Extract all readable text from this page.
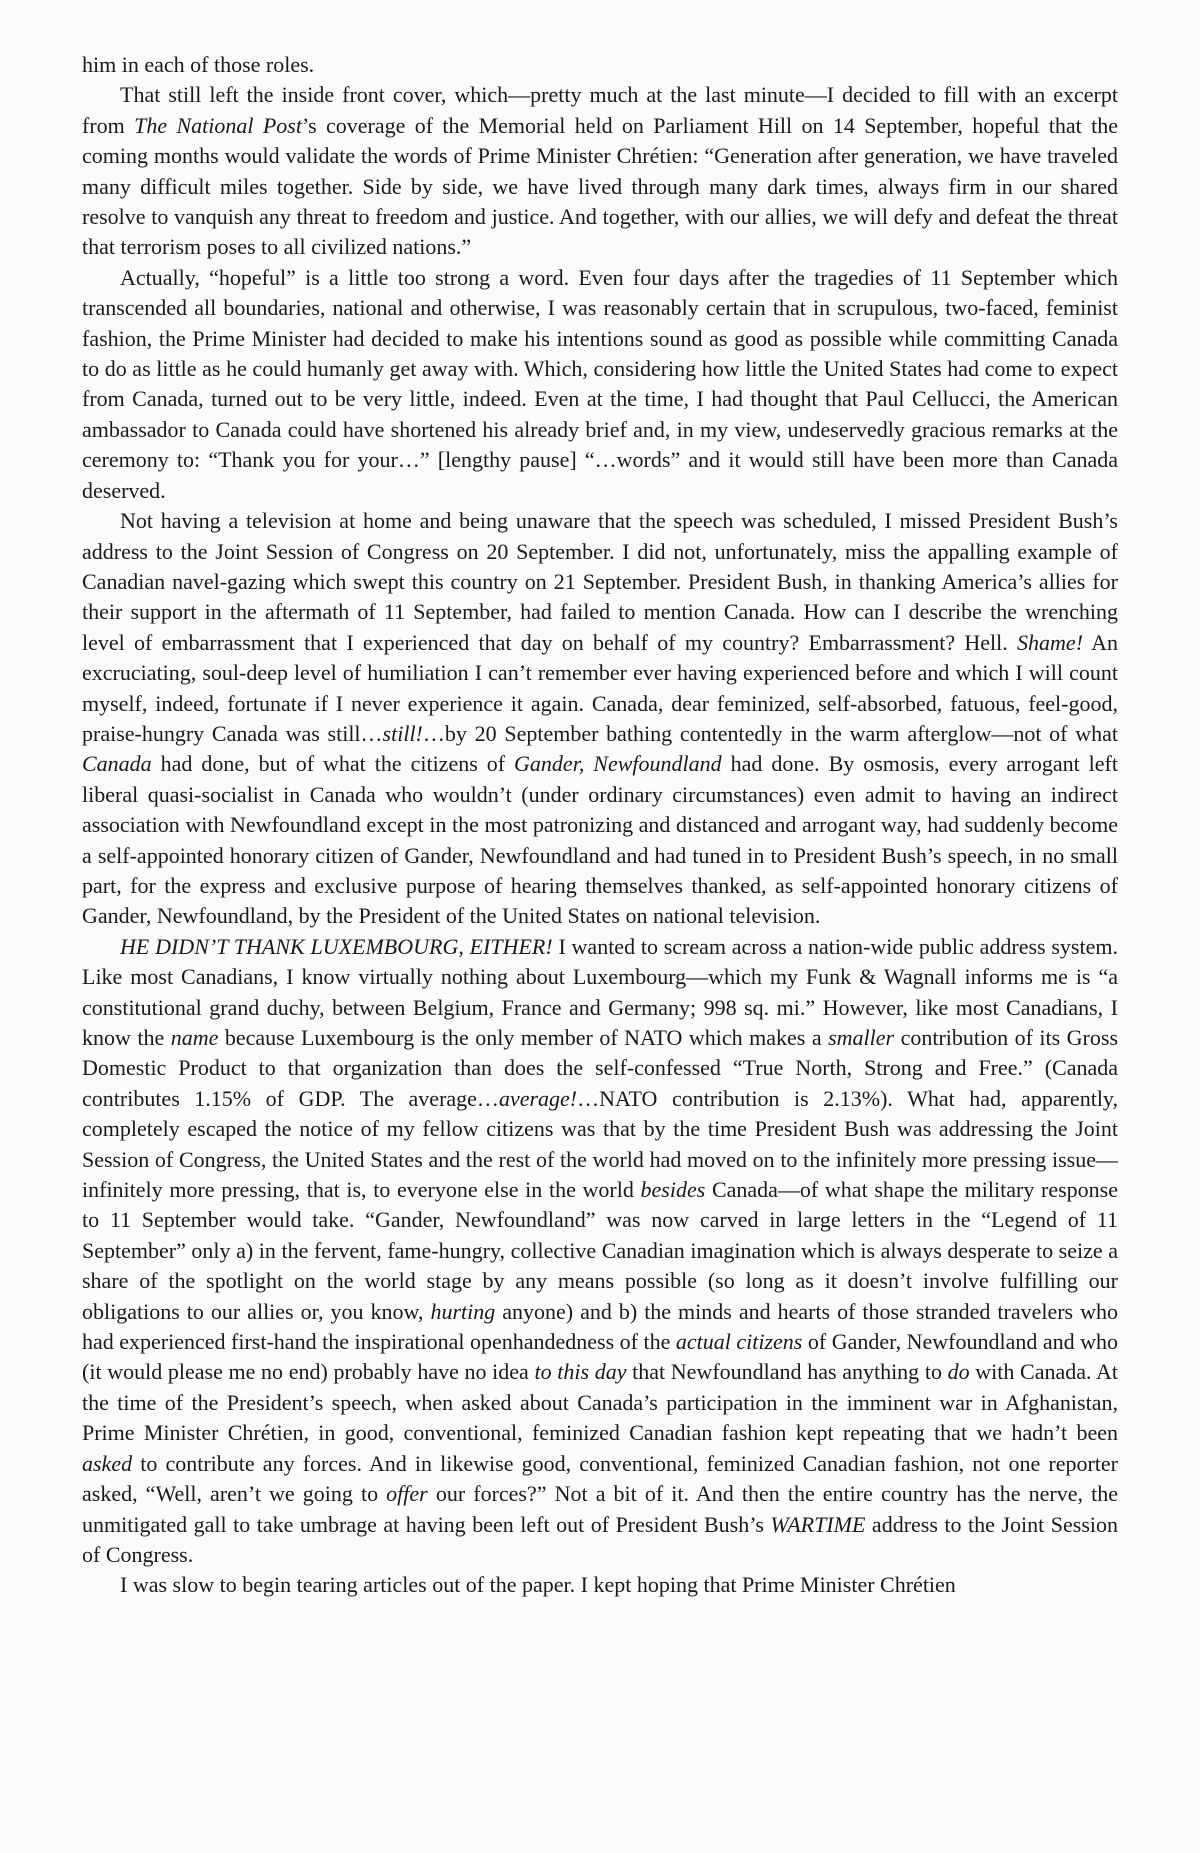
him in each of those roles.

That still left the inside front cover, which—pretty much at the last minute—I decided to fill with an excerpt from The National Post’s coverage of the Memorial held on Parliament Hill on 14 September, hopeful that the coming months would validate the words of Prime Minister Chrétien: “Generation after generation, we have traveled many difficult miles together. Side by side, we have lived through many dark times, always firm in our shared resolve to vanquish any threat to freedom and justice. And together, with our allies, we will defy and defeat the threat that terrorism poses to all civilized nations.”

Actually, “hopeful” is a little too strong a word. Even four days after the tragedies of 11 September which transcended all boundaries, national and otherwise, I was reasonably certain that in scrupulous, two-faced, feminist fashion, the Prime Minister had decided to make his intentions sound as good as possible while committing Canada to do as little as he could humanly get away with. Which, considering how little the United States had come to expect from Canada, turned out to be very little, indeed. Even at the time, I had thought that Paul Cellucci, the American ambassador to Canada could have shortened his already brief and, in my view, undeservedly gracious remarks at the ceremony to: “Thank you for your…” [lengthy pause] “…words” and it would still have been more than Canada deserved.

Not having a television at home and being unaware that the speech was scheduled, I missed President Bush’s address to the Joint Session of Congress on 20 September. I did not, unfortunately, miss the appalling example of Canadian navel-gazing which swept this country on 21 September. President Bush, in thanking America’s allies for their support in the aftermath of 11 September, had failed to mention Canada. How can I describe the wrenching level of embarrassment that I experienced that day on behalf of my country? Embarrassment? Hell. Shame! An excruciating, soul-deep level of humiliation I can’t remember ever having experienced before and which I will count myself, indeed, fortunate if I never experience it again. Canada, dear feminized, self-absorbed, fatuous, feel-good, praise-hungry Canada was still…still!…by 20 September bathing contentedly in the warm afterglow—not of what Canada had done, but of what the citizens of Gander, Newfoundland had done. By osmosis, every arrogant left liberal quasi-socialist in Canada who wouldn’t (under ordinary circumstances) even admit to having an indirect association with Newfoundland except in the most patronizing and distanced and arrogant way, had suddenly become a self-appointed honorary citizen of Gander, Newfoundland and had tuned in to President Bush’s speech, in no small part, for the express and exclusive purpose of hearing themselves thanked, as self-appointed honorary citizens of Gander, Newfoundland, by the President of the United States on national television.

HE DIDN’T THANK LUXEMBOURG, EITHER! I wanted to scream across a nation-wide public address system. Like most Canadians, I know virtually nothing about Luxembourg—which my Funk & Wagnall informs me is “a constitutional grand duchy, between Belgium, France and Germany; 998 sq. mi.” However, like most Canadians, I know the name because Luxembourg is the only member of NATO which makes a smaller contribution of its Gross Domestic Product to that organization than does the self-confessed “True North, Strong and Free.” (Canada contributes 1.15% of GDP. The average…average!…NATO contribution is 2.13%). What had, apparently, completely escaped the notice of my fellow citizens was that by the time President Bush was addressing the Joint Session of Congress, the United States and the rest of the world had moved on to the infinitely more pressing issue—infinitely more pressing, that is, to everyone else in the world besides Canada—of what shape the military response to 11 September would take. “Gander, Newfoundland” was now carved in large letters in the “Legend of 11 September” only a) in the fervent, fame-hungry, collective Canadian imagination which is always desperate to seize a share of the spotlight on the world stage by any means possible (so long as it doesn’t involve fulfilling our obligations to our allies or, you know, hurting anyone) and b) the minds and hearts of those stranded travelers who had experienced first-hand the inspirational openhandedness of the actual citizens of Gander, Newfoundland and who (it would please me no end) probably have no idea to this day that Newfoundland has anything to do with Canada. At the time of the President’s speech, when asked about Canada’s participation in the imminent war in Afghanistan, Prime Minister Chrétien, in good, conventional, feminized Canadian fashion kept repeating that we hadn’t been asked to contribute any forces. And in likewise good, conventional, feminized Canadian fashion, not one reporter asked, “Well, aren’t we going to offer our forces?” Not a bit of it. And then the entire country has the nerve, the unmitigated gall to take umbrage at having been left out of President Bush’s WARTIME address to the Joint Session of Congress.

I was slow to begin tearing articles out of the paper. I kept hoping that Prime Minister Chrétien
